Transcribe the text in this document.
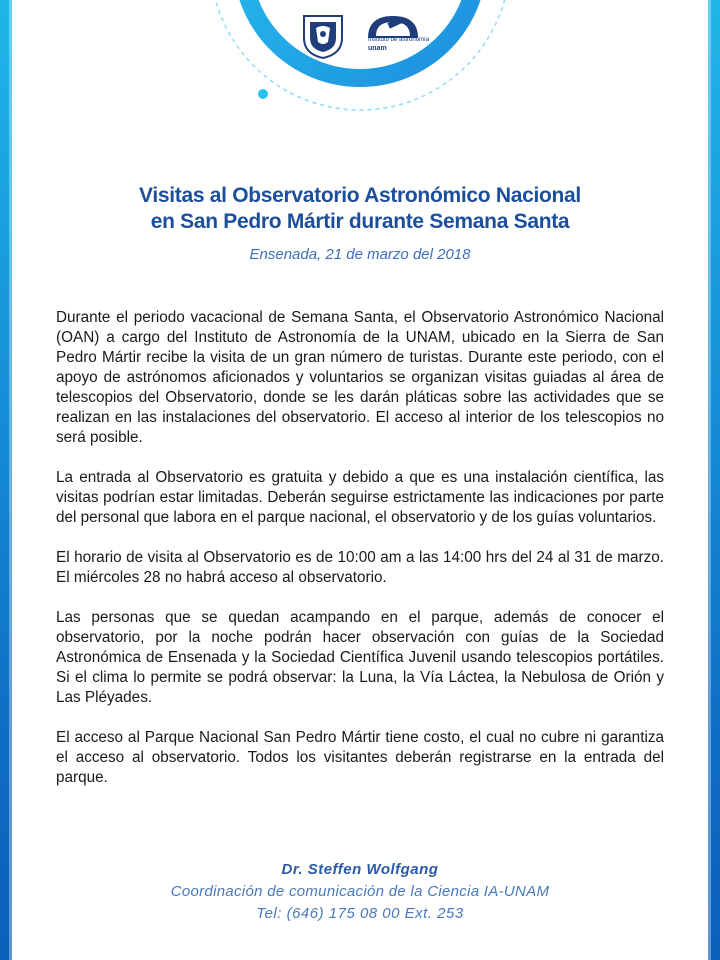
Instituto de astronomía
unam
Visitas al Observatorio Astronómico Nacional
en San Pedro Mártir durante Semana Santa
Ensenada, 21 de marzo del 2018

Durante el periodo vacacional de Semana Santa, el Observatorio Astronómico Nacional (OAN) a cargo del Instituto de Astronomía de la UNAM, ubicado en la Sierra de San Pedro Mártir recibe la visita de un gran número de turistas. Durante este periodo, con el apoyo de astrónomos aficionados y voluntarios se organizan visitas guiadas al área de telescopios del Observatorio, donde se les darán pláticas sobre las actividades que se realizan en las instalaciones del observatorio. El acceso al interior de los telescopios no será posible.

La entrada al Observatorio es gratuita y debido a que es una instalación científica, las visitas podrían estar limitadas. Deberán seguirse estrictamente las indicaciones por parte del personal que labora en el parque nacional, el observatorio y de los guías voluntarios.

El horario de visita al Observatorio es de 10:00 am a las 14:00 hrs del 24 al 31 de marzo. El miércoles 28 no habrá acceso al observatorio.

Las personas que se quedan acampando en el parque, además de conocer el observatorio, por la noche podrán hacer observación con guías de la Sociedad Astronómica de Ensenada y la Sociedad Científica Juvenil usando telescopios portátiles. Si el clima lo permite se podrá observar: la Luna, la Vía Láctea, la Nebulosa de Orión y Las Pléyades.

El acceso al Parque Nacional San Pedro Mártir tiene costo, el cual no cubre ni garantiza el acceso al observatorio. Todos los visitantes deberán registrarse en la entrada del parque.

Dr. Steffen Wolfgang
Coordinación de comunicación de la Ciencia IA-UNAM
Tel: (646) 175 08 00 Ext. 253
